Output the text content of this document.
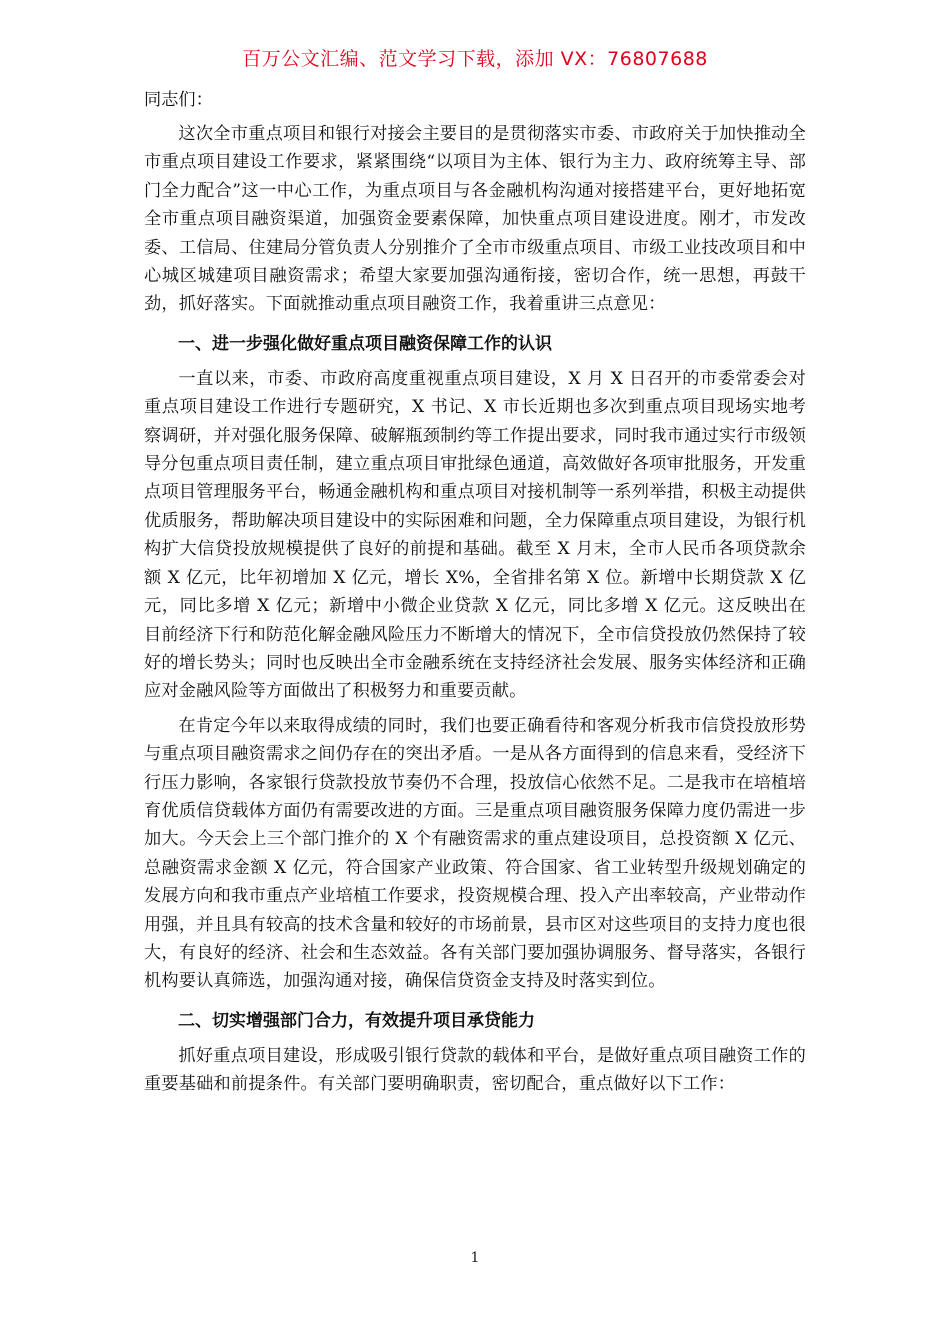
百万公文汇编、范文学习下载，添加 VX：76807688

同志们：

这次全市重点项目和银行对接会主要目的是贯彻落实市委、市政府关于加快推动全市重点项目建设工作要求，紧紧围绕“以项目为主体、银行为主力、政府统筹主导、部门全力配合”这一中心工作，为重点项目与各金融机构沟通对接搭建平台，更好地拓宽全市重点项目融资渠道，加强资金要素保障，加快重点项目建设进度。刚才，市发改委、工信局、住建局分管负责人分别推介了全市市级重点项目、市级工业技改项目和中心城区城建项目融资需求；希望大家要加强沟通衔接，密切合作，统一思想，再鼓干劲，抓好落实。下面就推动重点项目融资工作，我着重讲三点意见：

一、进一步强化做好重点项目融资保障工作的认识

一直以来，市委、市政府高度重视重点项目建设，X 月 X 日召开的市委常委会对重点项目建设工作进行专题研究，X 书记、X 市长近期也多次到重点项目现场实地考察调研，并对强化服务保障、破解瓶颈制约等工作提出要求，同时我市通过实行市级领导分包重点项目责任制，建立重点项目审批绿色通道，高效做好各项审批服务，开发重点项目管理服务平台，畅通金融机构和重点项目对接机制等一系列举措，积极主动提供优质服务，帮助解决项目建设中的实际困难和问题，全力保障重点项目建设，为银行机构扩大信贷投放规模提供了良好的前提和基础。截至 X 月末，全市人民币各项贷款余额 X 亿元，比年初增加 X 亿元，增长 X%，全省排名第 X 位。新增中长期贷款 X 亿元，同比多增 X 亿元；新增中小微企业贷款 X 亿元，同比多增 X 亿元。这反映出在目前经济下行和防范化解金融风险压力不断增大的情况下，全市信贷投放仍然保持了较好的增长势头；同时也反映出全市金融系统在支持经济社会发展、服务实体经济和正确应对金融风险等方面做出了积极努力和重要贡献。

在肯定今年以来取得成绩的同时，我们也要正确看待和客观分析我市信贷投放形势与重点项目融资需求之间仍存在的突出矛盾。一是从各方面得到的信息来看，受经济下行压力影响，各家银行贷款投放节奏仍不合理，投放信心依然不足。二是我市在培植培育优质信贷载体方面仍有需要改进的方面。三是重点项目融资服务保障力度仍需进一步加大。今天会上三个部门推介的 X 个有融资需求的重点建设项目，总投资额 X 亿元、总融资需求金额 X 亿元，符合国家产业政策、符合国家、省工业转型升级规划确定的发展方向和我市重点产业培植工作要求，投资规模合理、投入产出率较高，产业带动作用强，并且具有较高的技术含量和较好的市场前景，县市区对这些项目的支持力度也很大，有良好的经济、社会和生态效益。各有关部门要加强协调服务、督导落实，各银行机构要认真筛选，加强沟通对接，确保信贷资金支持及时落实到位。

二、切实增强部门合力，有效提升项目承贷能力

抓好重点项目建设，形成吸引银行贷款的载体和平台，是做好重点项目融资工作的重要基础和前提条件。有关部门要明确职责，密切配合，重点做好以下工作：

1
